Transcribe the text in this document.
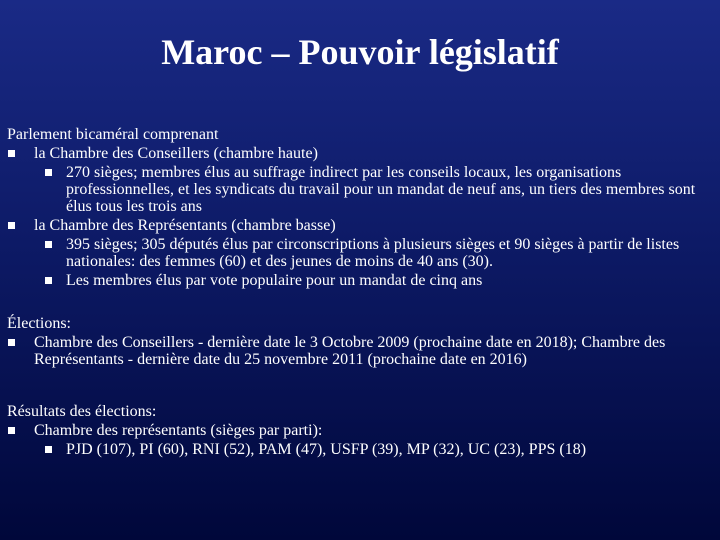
Maroc – Pouvoir législatif
Parlement bicaméral comprenant
la Chambre des Conseillers (chambre haute)
270 sièges; membres élus au suffrage indirect par les conseils locaux, les organisations professionnelles, et les syndicats du travail pour un mandat de neuf ans, un tiers des membres sont élus tous les trois ans
la Chambre des Représentants (chambre basse)
395 sièges; 305 députés élus par circonscriptions à plusieurs sièges et 90 sièges à partir de listes nationales: des femmes (60) et des jeunes de moins de 40 ans (30).
Les membres élus par vote populaire pour un mandat de cinq ans
Élections:
Chambre des Conseillers - dernière date le 3 Octobre 2009 (prochaine date en 2018); Chambre des Représentants - dernière date du 25 novembre 2011 (prochaine date en 2016)
Résultats des élections:
Chambre des représentants (sièges par parti):
PJD (107), PI (60), RNI (52), PAM (47), USFP (39), MP (32), UC (23), PPS (18)
